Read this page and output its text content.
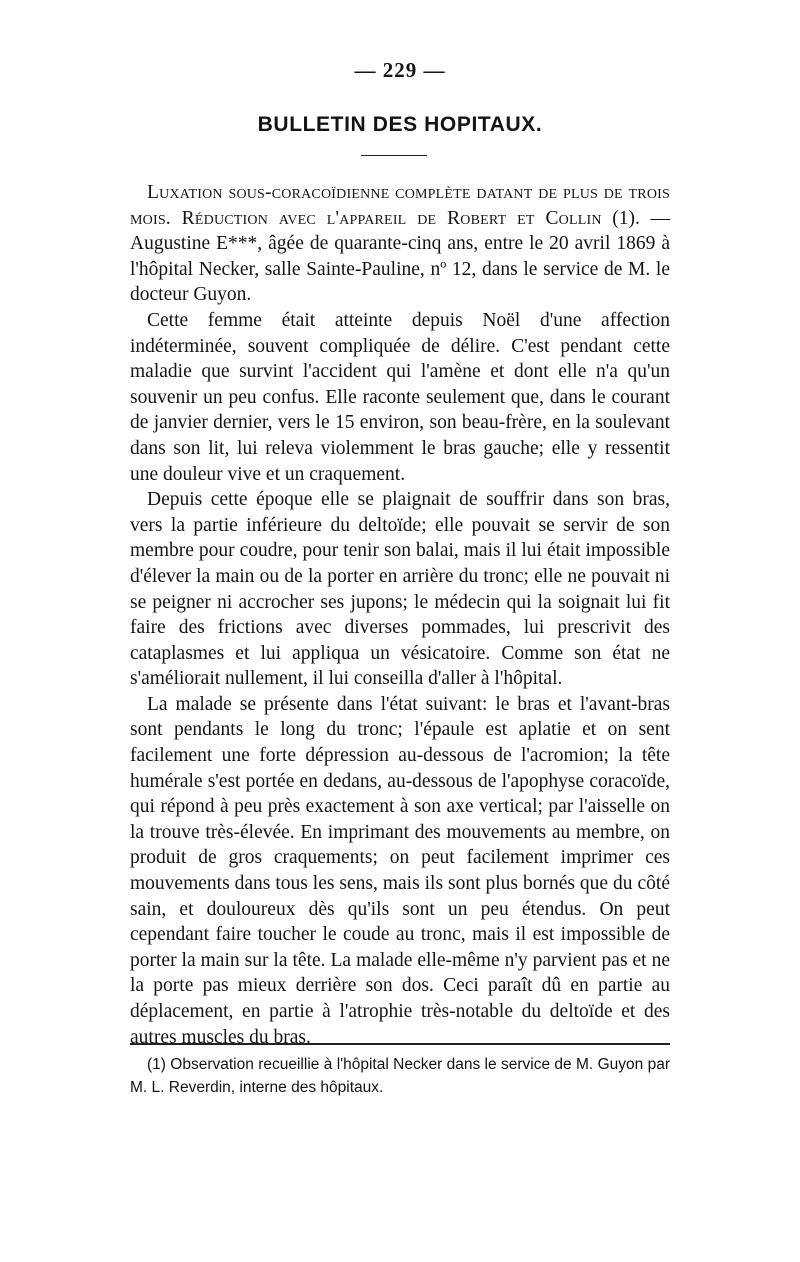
— 229 —
BULLETIN DES HOPITAUX.

Luxation sous-coracoïdienne complète datant de plus de trois mois. Réduction avec l'appareil de Robert et Collin (1). — Augustine E***, âgée de quarante-cinq ans, entre le 20 avril 1869 à l'hôpital Necker, salle Sainte-Pauline, nº 12, dans le service de M. le docteur Guyon.

Cette femme était atteinte depuis Noël d'une affection indéterminée, souvent compliquée de délire. C'est pendant cette maladie que survint l'accident qui l'amène et dont elle n'a qu'un souvenir un peu confus. Elle raconte seulement que, dans le courant de janvier dernier, vers le 15 environ, son beau-frère, en la soulevant dans son lit, lui releva violemment le bras gauche; elle y ressentit une douleur vive et un craquement.

Depuis cette époque elle se plaignait de souffrir dans son bras, vers la partie inférieure du deltoïde; elle pouvait se servir de son membre pour coudre, pour tenir son balai, mais il lui était impossible d'élever la main ou de la porter en arrière du tronc; elle ne pouvait ni se peigner ni accrocher ses jupons; le médecin qui la soignait lui fit faire des frictions avec diverses pommades, lui prescrivit des cataplasmes et lui appliqua un vésicatoire. Comme son état ne s'améliorait nullement, il lui conseilla d'aller à l'hôpital.

La malade se présente dans l'état suivant: le bras et l'avant-bras sont pendants le long du tronc; l'épaule est aplatie et on sent facilement une forte dépression au-dessous de l'acromion; la tête humérale s'est portée en dedans, au-dessous de l'apophyse coracoïde, qui répond à peu près exactement à son axe vertical; par l'aisselle on la trouve très-élevée. En imprimant des mouvements au membre, on produit de gros craquements; on peut facilement imprimer ces mouvements dans tous les sens, mais ils sont plus bornés que du côté sain, et douloureux dès qu'ils sont un peu étendus. On peut cependant faire toucher le coude au tronc, mais il est impossible de porter la main sur la tête. La malade elle-même n'y parvient pas et ne la porte pas mieux derrière son dos. Ceci paraît dû en partie au déplacement, en partie à l'atrophie très-notable du deltoïde et des autres muscles du bras.

(1) Observation recueillie à l'hôpital Necker dans le service de M. Guyon par M. L. Reverdin, interne des hôpitaux.
